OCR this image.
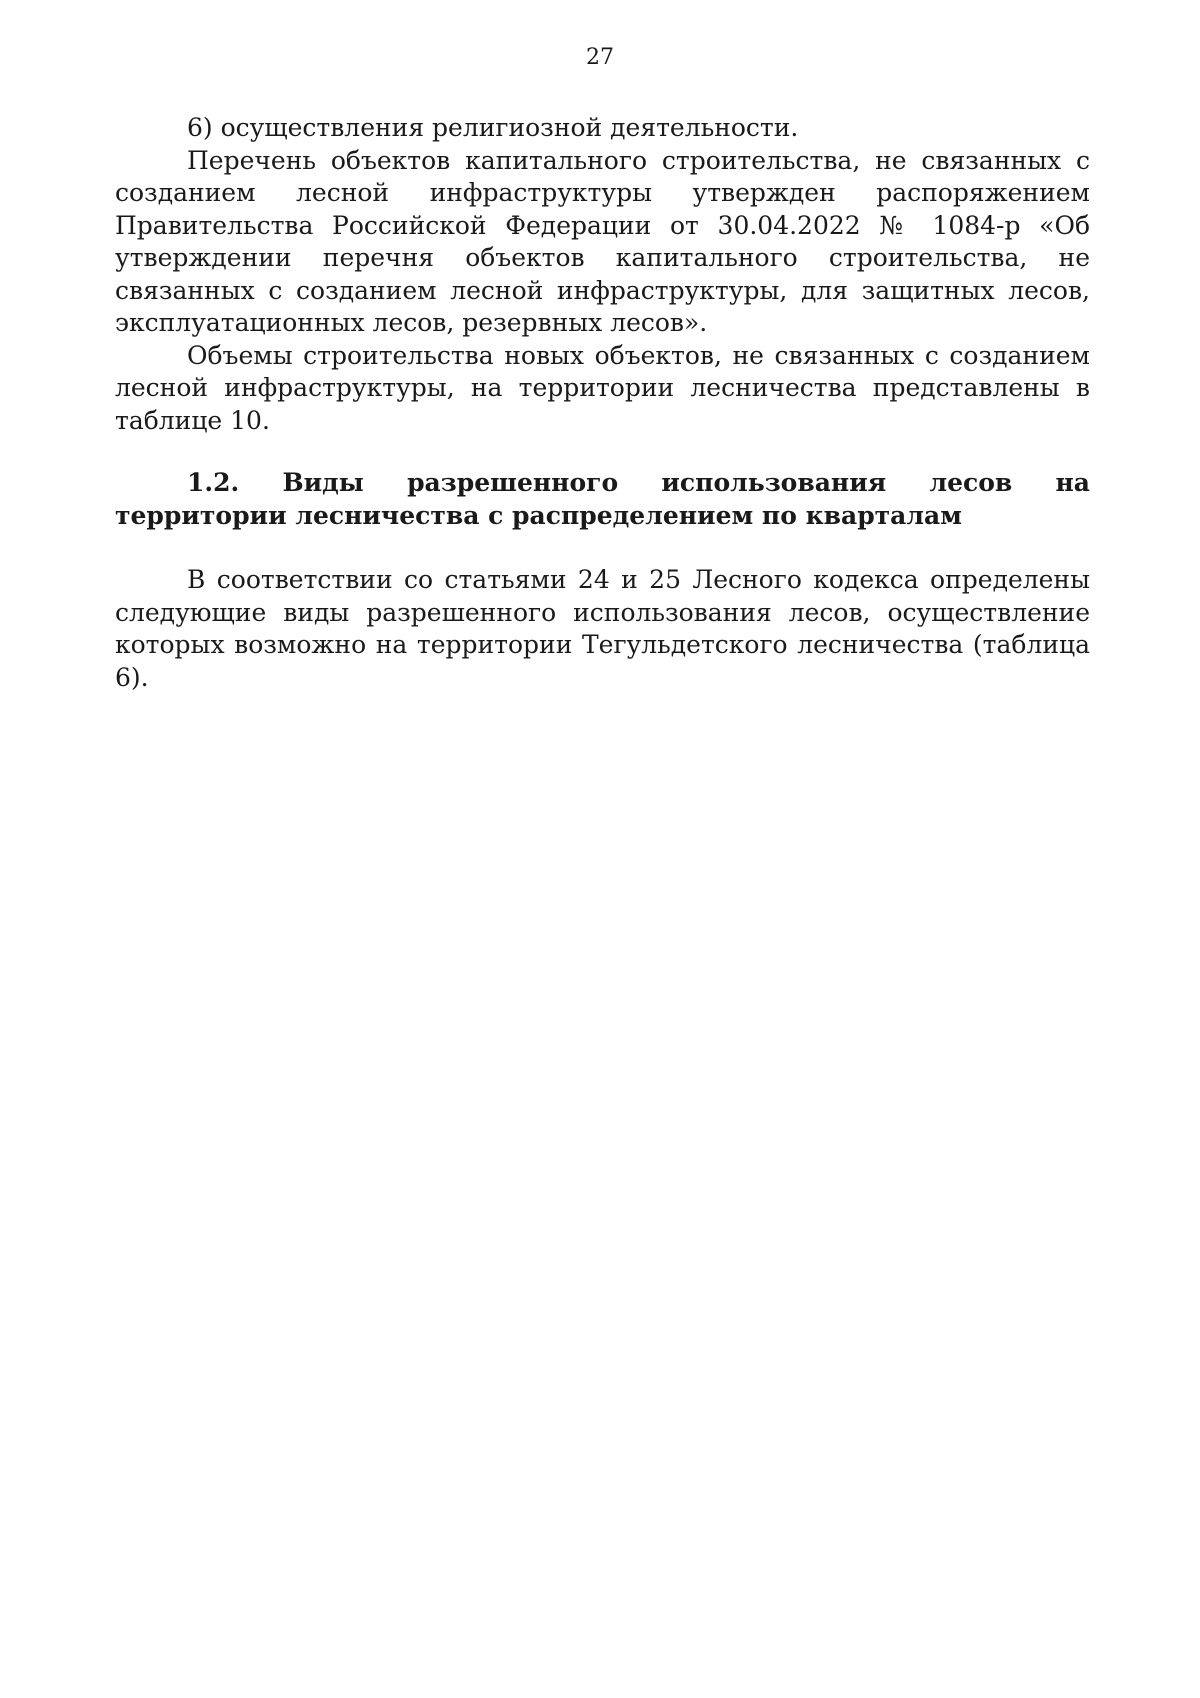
27

6) осуществления религиозной деятельности.

Перечень объектов капитального строительства, не связанных с созданием лесной инфраструктуры утвержден распоряжением Правительства Российской Федерации от 30.04.2022 № 1084-р «Об утверждении перечня объектов капитального строительства, не связанных с созданием лесной инфраструктуры, для защитных лесов, эксплуатационных лесов, резервных лесов».

Объемы строительства новых объектов, не связанных с созданием лесной инфраструктуры, на территории лесничества представлены в таблице 10.

1.2. Виды разрешенного использования лесов на территории лесничества с распределением по кварталам

В соответствии со статьями 24 и 25 Лесного кодекса определены следующие виды разрешенного использования лесов, осуществление которых возможно на территории Тегульдетского лесничества (таблица 6).
